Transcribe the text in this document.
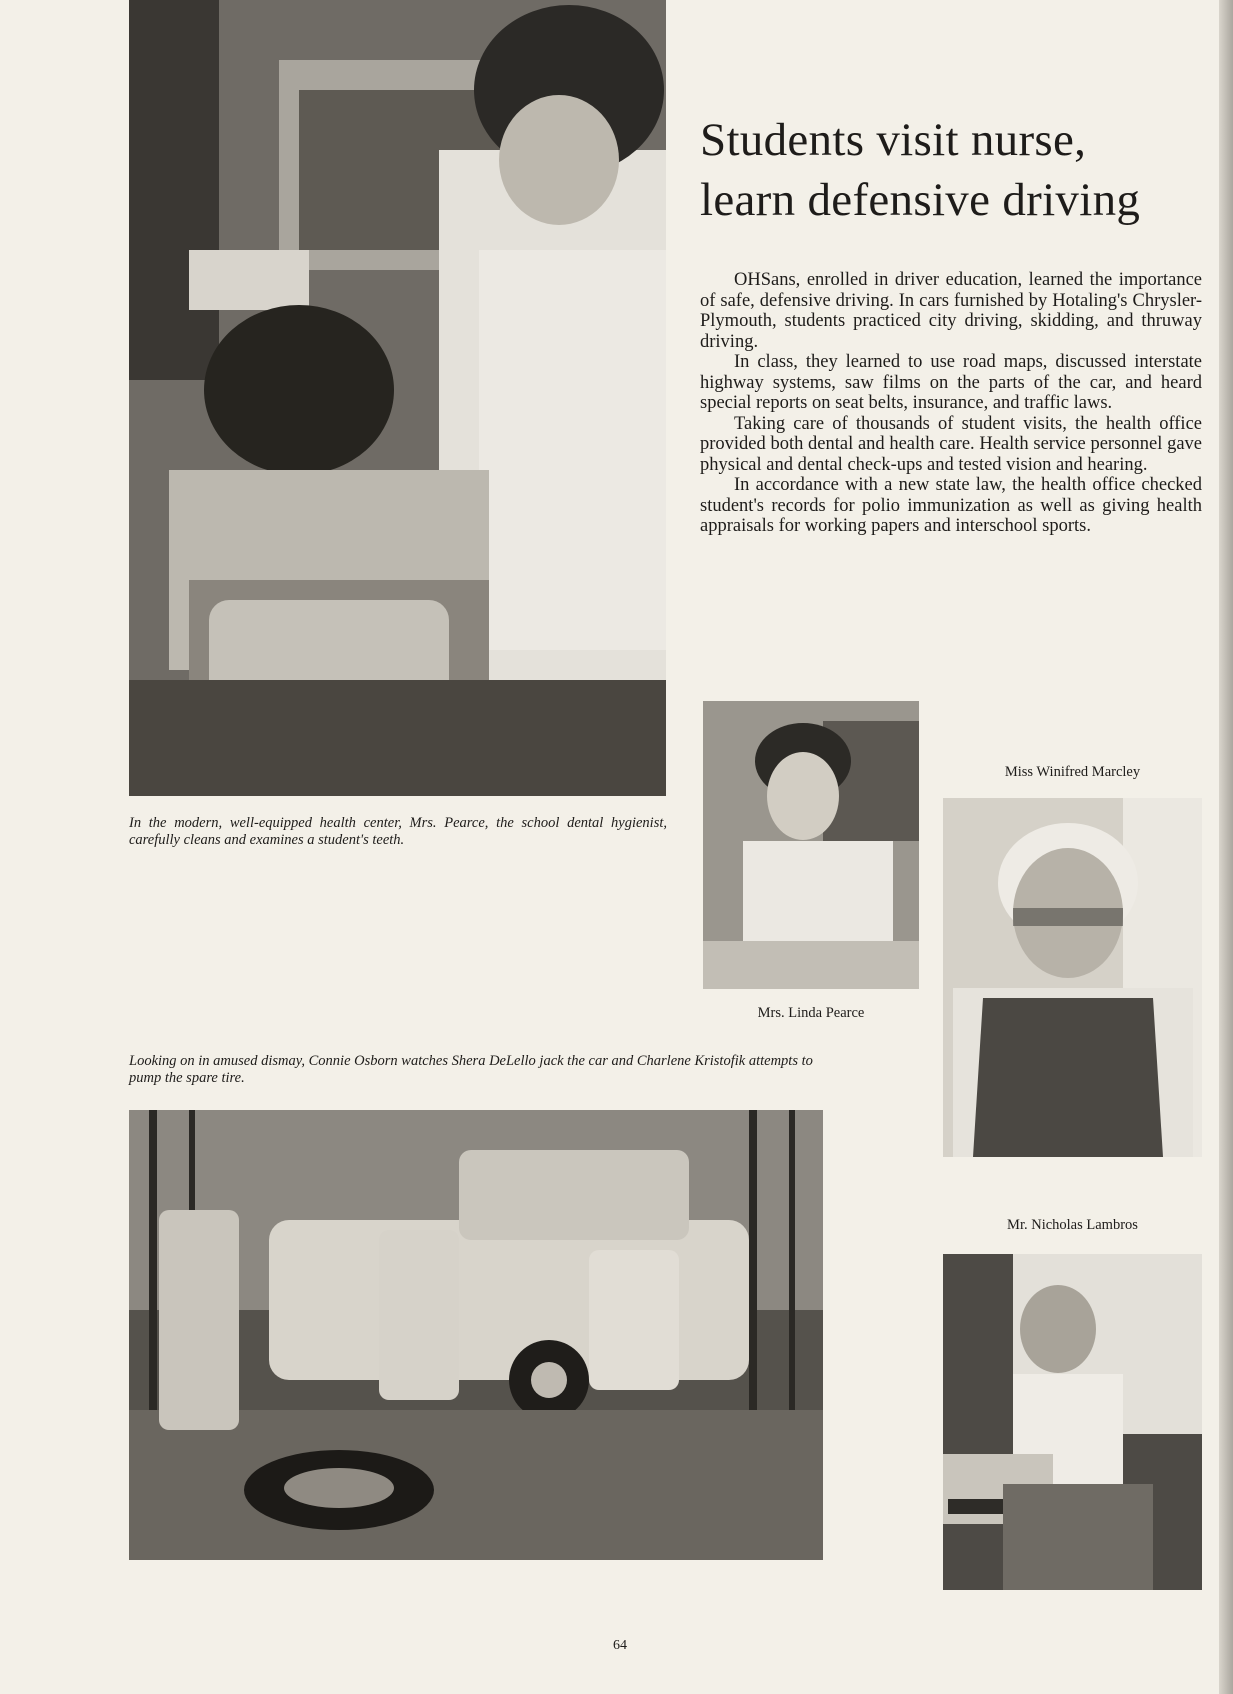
Students visit nurse,
learn defensive driving

OHSans, enrolled in driver education, learned the importance of safe, defensive driving. In cars furnished by Hotaling's Chrysler-Plymouth, students practiced city driving, skidding, and thruway driving.

In class, they learned to use road maps, discussed interstate highway systems, saw films on the parts of the car, and heard special reports on seat belts, insurance, and traffic laws.

Taking care of thousands of student visits, the health office provided both dental and health care. Health service personnel gave physical and dental check-ups and tested vision and hearing.

In accordance with a new state law, the health office checked student's records for polio immunization as well as giving health appraisals for working papers and interschool sports.

In the modern, well-equipped health center, Mrs. Pearce, the school dental hygienist, carefully cleans and examines a student's teeth.

Mrs. Linda Pearce

Miss Winifred Marcley

Mr. Nicholas Lambros

Looking on in amused dismay, Connie Osborn watches Shera DeLello jack the car and Charlene Kristofik attempts to pump the spare tire.

64
